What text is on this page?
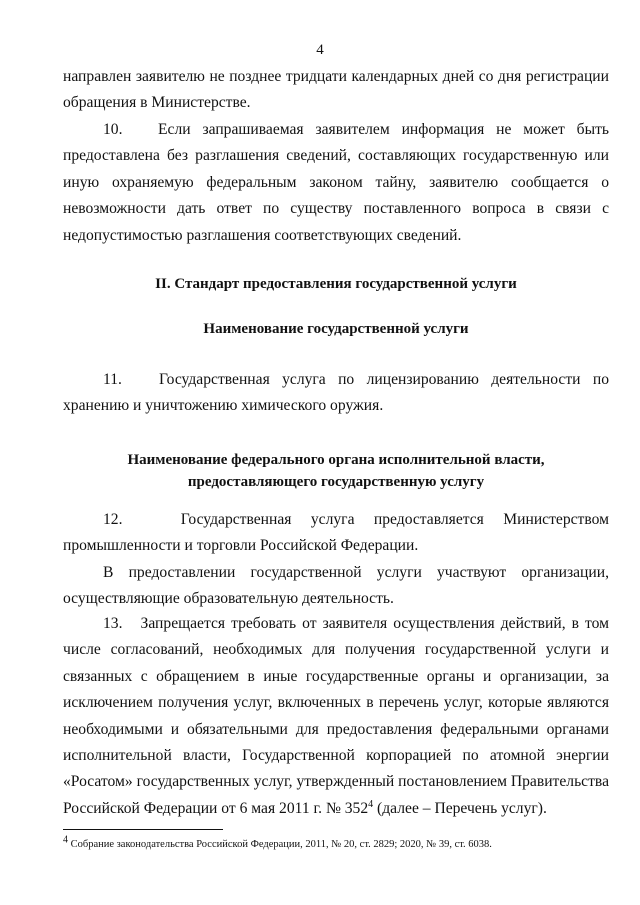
4

направлен заявителю не позднее тридцати календарных дней со дня регистрации обращения в Министерстве.

10.   Если запрашиваемая заявителем информация не может быть предоставлена без разглашения сведений, составляющих государственную или иную охраняемую федеральным законом тайну, заявителю сообщается о невозможности дать ответ по существу поставленного вопроса в связи с недопустимостью разглашения соответствующих сведений.

II. Стандарт предоставления государственной услуги

Наименование государственной услуги

11.   Государственная услуга по лицензированию деятельности по хранению и уничтожению химического оружия.

Наименование федерального органа исполнительной власти,

предоставляющего государственную услугу

12.   Государственная услуга предоставляется Министерством промышленности и торговли Российской Федерации.

В предоставлении государственной услуги участвуют организации, осуществляющие образовательную деятельность.

13.   Запрещается требовать от заявителя осуществления действий, в том числе согласований, необходимых для получения государственной услуги и связанных с обращением в иные государственные органы и организации, за исключением получения услуг, включенных в перечень услуг, которые являются необходимыми и обязательными для предоставления федеральными органами исполнительной власти, Государственной корпорацией по атомной энергии «Росатом» государственных услуг, утвержденный постановлением Правительства Российской Федерации от 6 мая 2011 г. № $352^4$ (далее – Перечень услуг).

$^4$ Собрание законодательства Российской Федерации, 2011, № 20, ст. 2829; 2020, № 39, ст. 6038.
